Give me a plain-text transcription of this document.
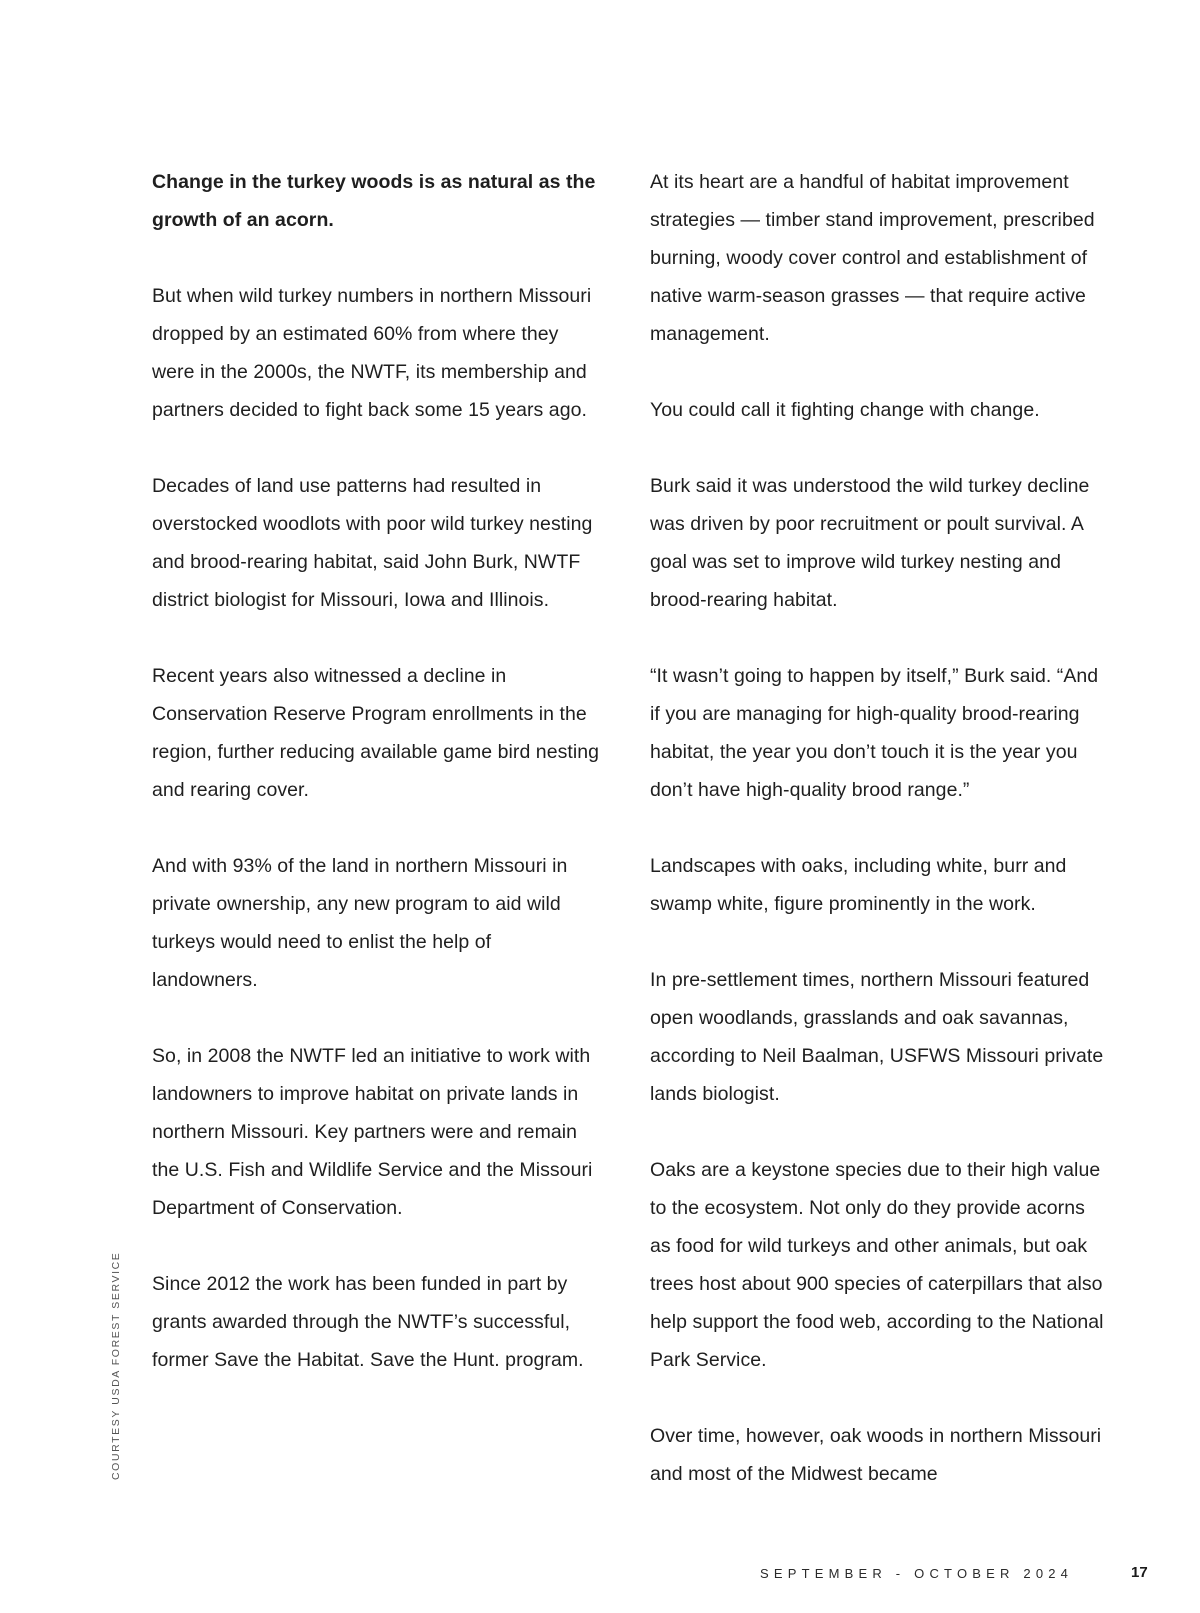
Change in the turkey woods is as natural as the growth of an acorn.

But when wild turkey numbers in northern Missouri dropped by an estimated 60% from where they were in the 2000s, the NWTF, its membership and partners decided to fight back some 15 years ago.

Decades of land use patterns had resulted in overstocked woodlots with poor wild turkey nesting and brood-rearing habitat, said John Burk, NWTF district biologist for Missouri, Iowa and Illinois.

Recent years also witnessed a decline in Conservation Reserve Program enrollments in the region, further reducing available game bird nesting and rearing cover.

And with 93% of the land in northern Missouri in private ownership, any new program to aid wild turkeys would need to enlist the help of landowners.

So, in 2008 the NWTF led an initiative to work with landowners to improve habitat on private lands in northern Missouri. Key partners were and remain the U.S. Fish and Wildlife Service and the Missouri Department of Conservation.

Since 2012 the work has been funded in part by grants awarded through the NWTF’s successful, former Save the Habitat. Save the Hunt. program.

At its heart are a handful of habitat improvement strategies — timber stand improvement, prescribed burning, woody cover control and establishment of native warm-season grasses — that require active management.

You could call it fighting change with change.

Burk said it was understood the wild turkey decline was driven by poor recruitment or poult survival. A goal was set to improve wild turkey nesting and brood-rearing habitat.

“It wasn’t going to happen by itself,” Burk said. “And if you are managing for high-quality brood-rearing habitat, the year you don’t touch it is the year you don’t have high-quality brood range.”

Landscapes with oaks, including white, burr and swamp white, figure prominently in the work.

In pre-settlement times, northern Missouri featured open woodlands, grasslands and oak savannas, according to Neil Baalman, USFWS Missouri private lands biologist.

Oaks are a keystone species due to their high value to the ecosystem. Not only do they provide acorns as food for wild turkeys and other animals, but oak trees host about 900 species of caterpillars that also help support the food web, according to the National Park Service.

Over time, however, oak woods in northern Missouri and most of the Midwest became

COURTESY USDA FOREST SERVICE
SEPTEMBER - OCTOBER 2024	17
